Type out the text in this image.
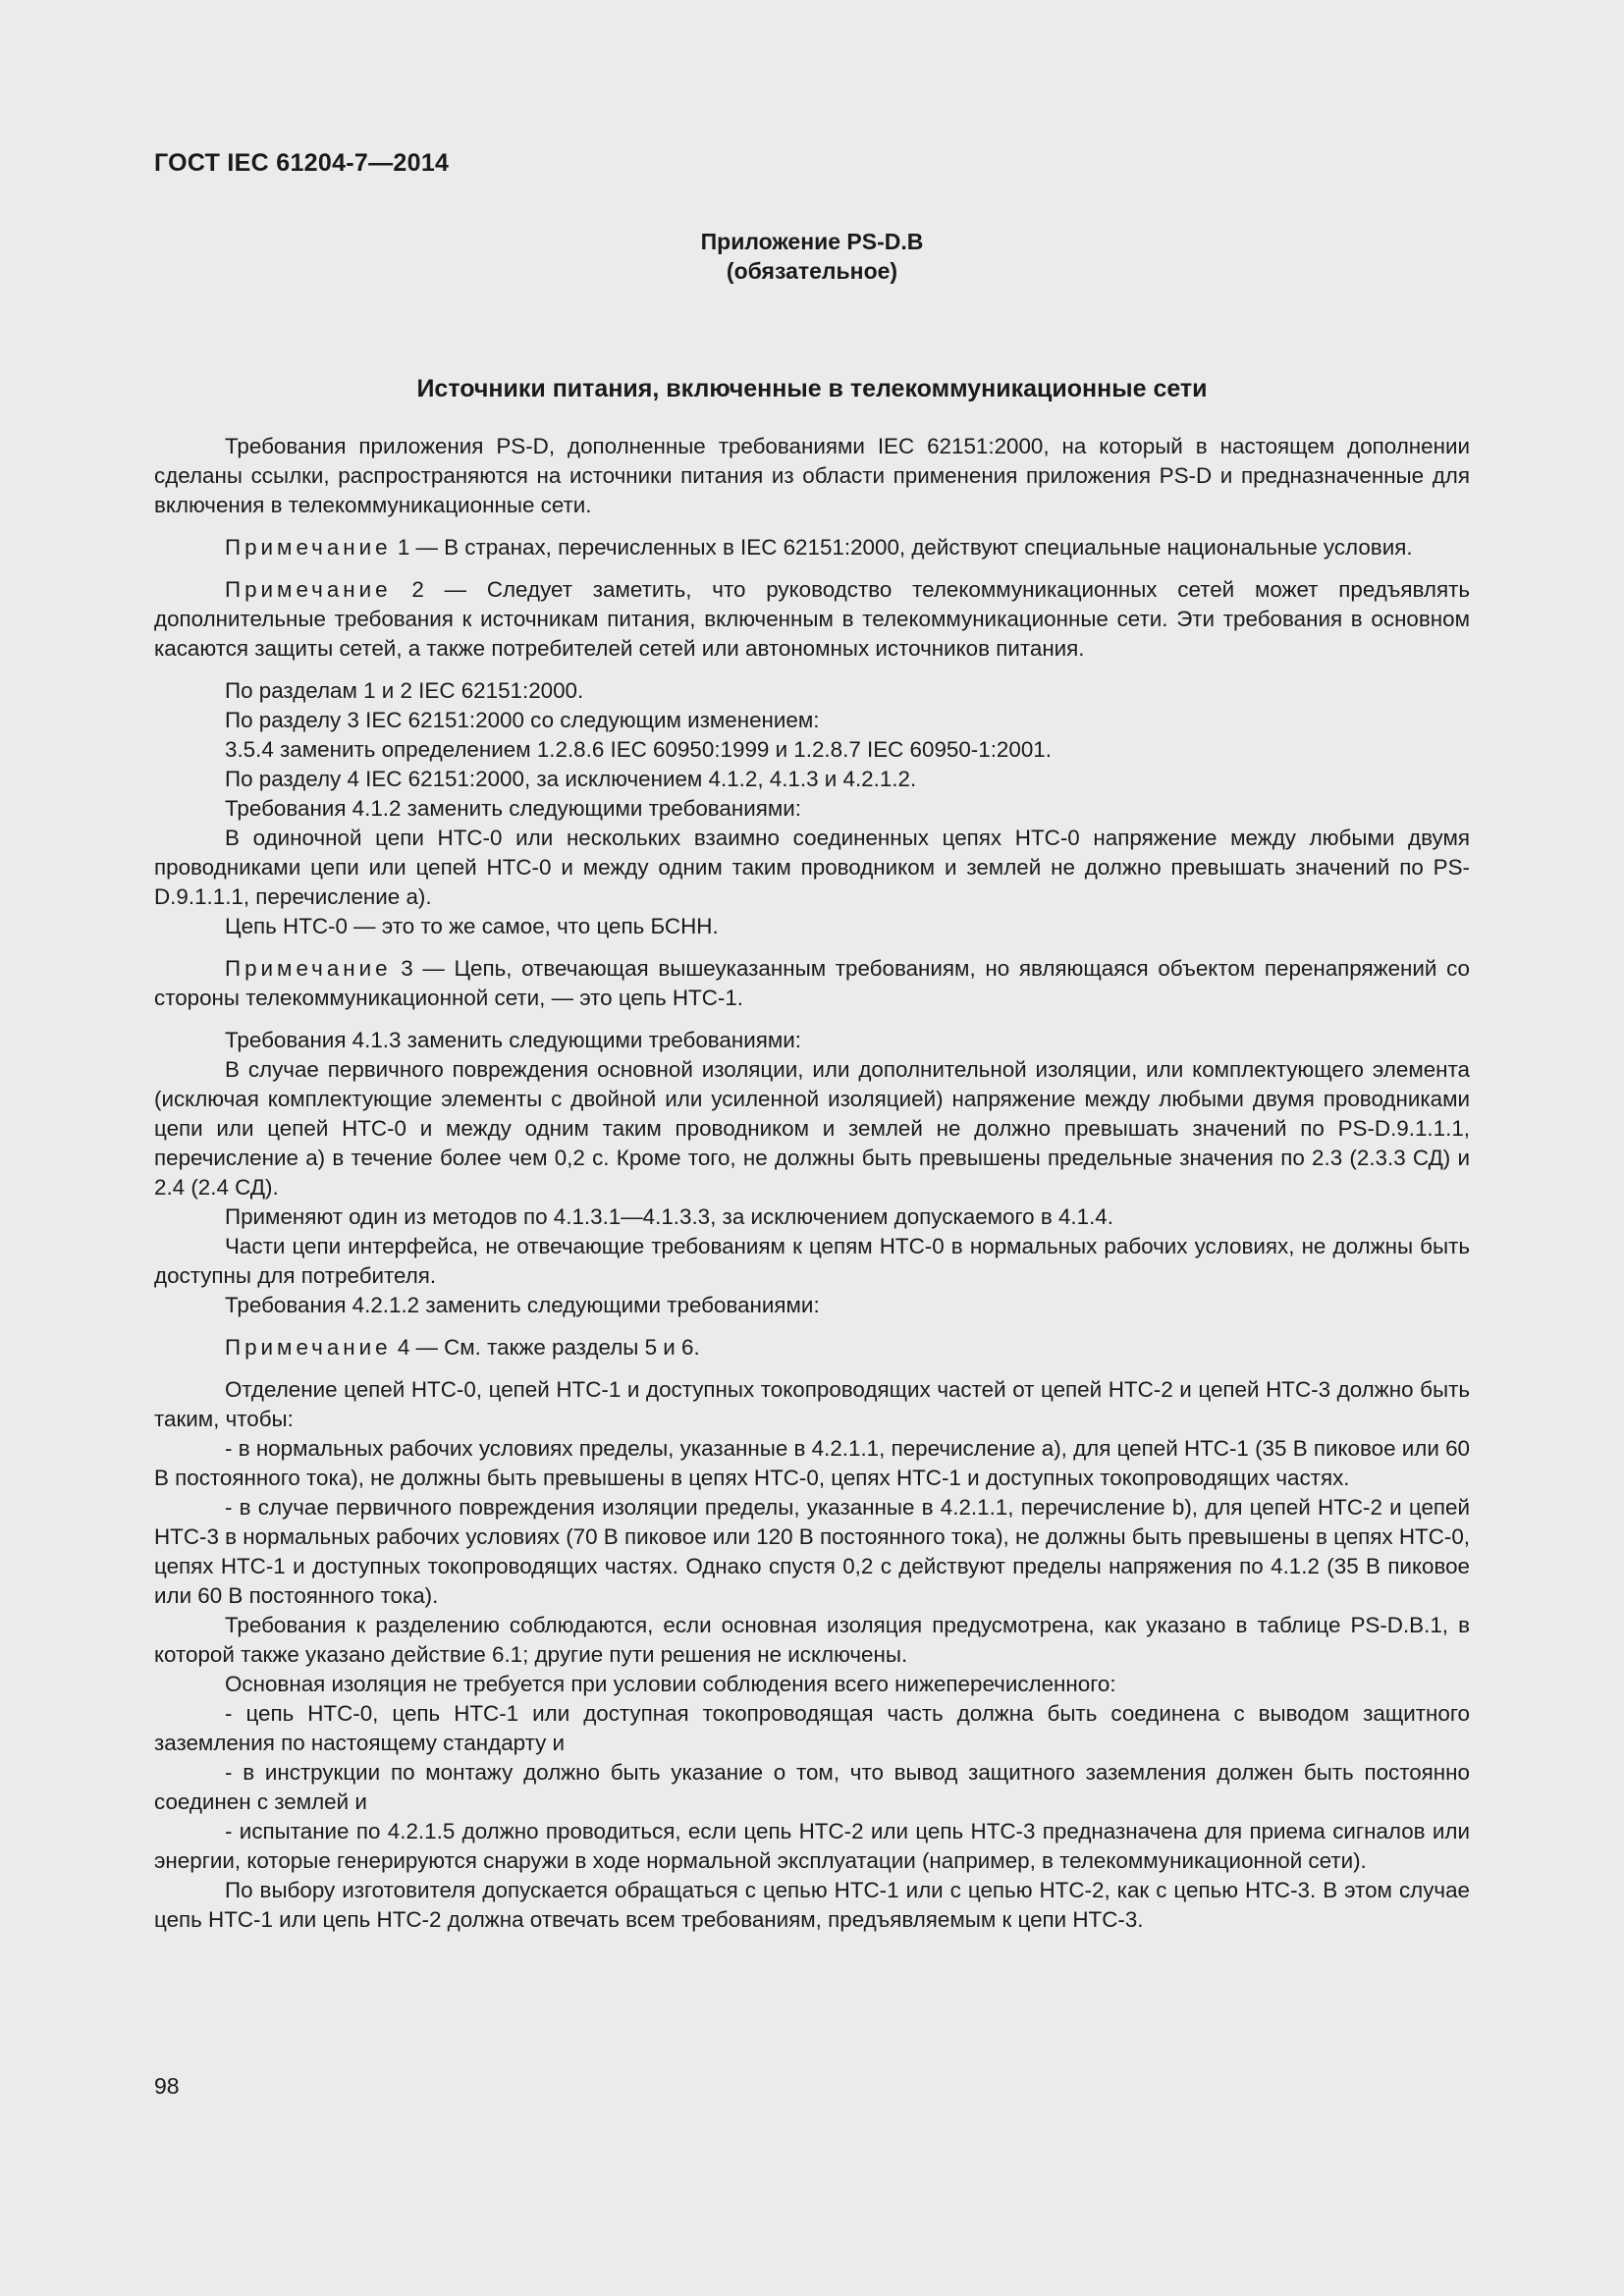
ГОСТ IEC 61204-7—2014
Приложение PS-D.B
(обязательное)
Источники питания, включенные в телекоммуникационные сети

Требования приложения PS-D, дополненные требованиями IEC 62151:2000, на который в настоящем дополнении сделаны ссылки, распространяются на источники питания из области применения приложения PS-D и предназначенные для включения в телекоммуникационные сети.

Примечание 1 — В странах, перечисленных в IEC 62151:2000, действуют специальные национальные условия.

Примечание 2 — Следует заметить, что руководство телекоммуникационных сетей может предъявлять дополнительные требования к источникам питания, включенным в телекоммуникационные сети. Эти требования в основном касаются защиты сетей, а также потребителей сетей или автономных источников питания.

По разделам 1 и 2 IEC 62151:2000.

По разделу 3 IEC 62151:2000 со следующим изменением:

3.5.4 заменить определением 1.2.8.6 IEC 60950:1999 и 1.2.8.7 IEC 60950-1:2001.

По разделу 4 IEC 62151:2000, за исключением 4.1.2, 4.1.3 и 4.2.1.2.

Требования 4.1.2 заменить следующими требованиями:

В одиночной цепи НТС-0 или нескольких взаимно соединенных цепях НТС-0 напряжение между любыми двумя проводниками цепи или цепей НТС-0 и между одним таким проводником и землей не должно превышать значений по PS-D.9.1.1.1, перечисление а).

Цепь НТС-0 — это то же самое, что цепь БСНН.

Примечание 3 — Цепь, отвечающая вышеуказанным требованиям, но являющаяся объектом перенапряжений со стороны телекоммуникационной сети, — это цепь НТС-1.

Требования 4.1.3 заменить следующими требованиями:

В случае первичного повреждения основной изоляции, или дополнительной изоляции, или комплектующего элемента (исключая комплектующие элементы с двойной или усиленной изоляцией) напряжение между любыми двумя проводниками цепи или цепей НТС-0 и между одним таким проводником и землей не должно превышать значений по PS-D.9.1.1.1, перечисление а) в течение более чем 0,2 с. Кроме того, не должны быть превышены предельные значения по 2.3 (2.3.3 СД) и 2.4 (2.4 СД).

Применяют один из методов по 4.1.3.1—4.1.3.3, за исключением допускаемого в 4.1.4.

Части цепи интерфейса, не отвечающие требованиям к цепям НТС-0 в нормальных рабочих условиях, не должны быть доступны для потребителя.

Требования 4.2.1.2 заменить следующими требованиями:

Примечание 4 — См. также разделы 5 и 6.

Отделение цепей НТС-0, цепей НТС-1 и доступных токопроводящих частей от цепей НТС-2 и цепей НТС-3 должно быть таким, чтобы:

- в нормальных рабочих условиях пределы, указанные в 4.2.1.1, перечисление а), для цепей НТС-1 (35 В пиковое или 60 В постоянного тока), не должны быть превышены в цепях НТС-0, цепях НТС-1 и доступных токопроводящих частях.

- в случае первичного повреждения изоляции пределы, указанные в 4.2.1.1, перечисление b), для цепей НТС-2 и цепей НТС-3 в нормальных рабочих условиях (70 В пиковое или 120 В постоянного тока), не должны быть превышены в цепях НТС-0, цепях НТС-1 и доступных токопроводящих частях. Однако спустя 0,2 с действуют пределы напряжения по 4.1.2 (35 В пиковое или 60 В постоянного тока).

Требования к разделению соблюдаются, если основная изоляция предусмотрена, как указано в таблице PS-D.B.1, в которой также указано действие 6.1; другие пути решения не исключены.

Основная изоляция не требуется при условии соблюдения всего нижеперечисленного:

- цепь НТС-0, цепь НТС-1 или доступная токопроводящая часть должна быть соединена с выводом защитного заземления по настоящему стандарту и

- в инструкции по монтажу должно быть указание о том, что вывод защитного заземления должен быть постоянно соединен с землей и

- испытание по 4.2.1.5 должно проводиться, если цепь НТС-2 или цепь НТС-3 предназначена для приема сигналов или энергии, которые генерируются снаружи в ходе нормальной эксплуатации (например, в телекоммуникационной сети).

По выбору изготовителя допускается обращаться с цепью НТС-1 или с цепью НТС-2, как с цепью НТС-3. В этом случае цепь НТС-1 или цепь НТС-2 должна отвечать всем требованиям, предъявляемым к цепи НТС-3.

98
